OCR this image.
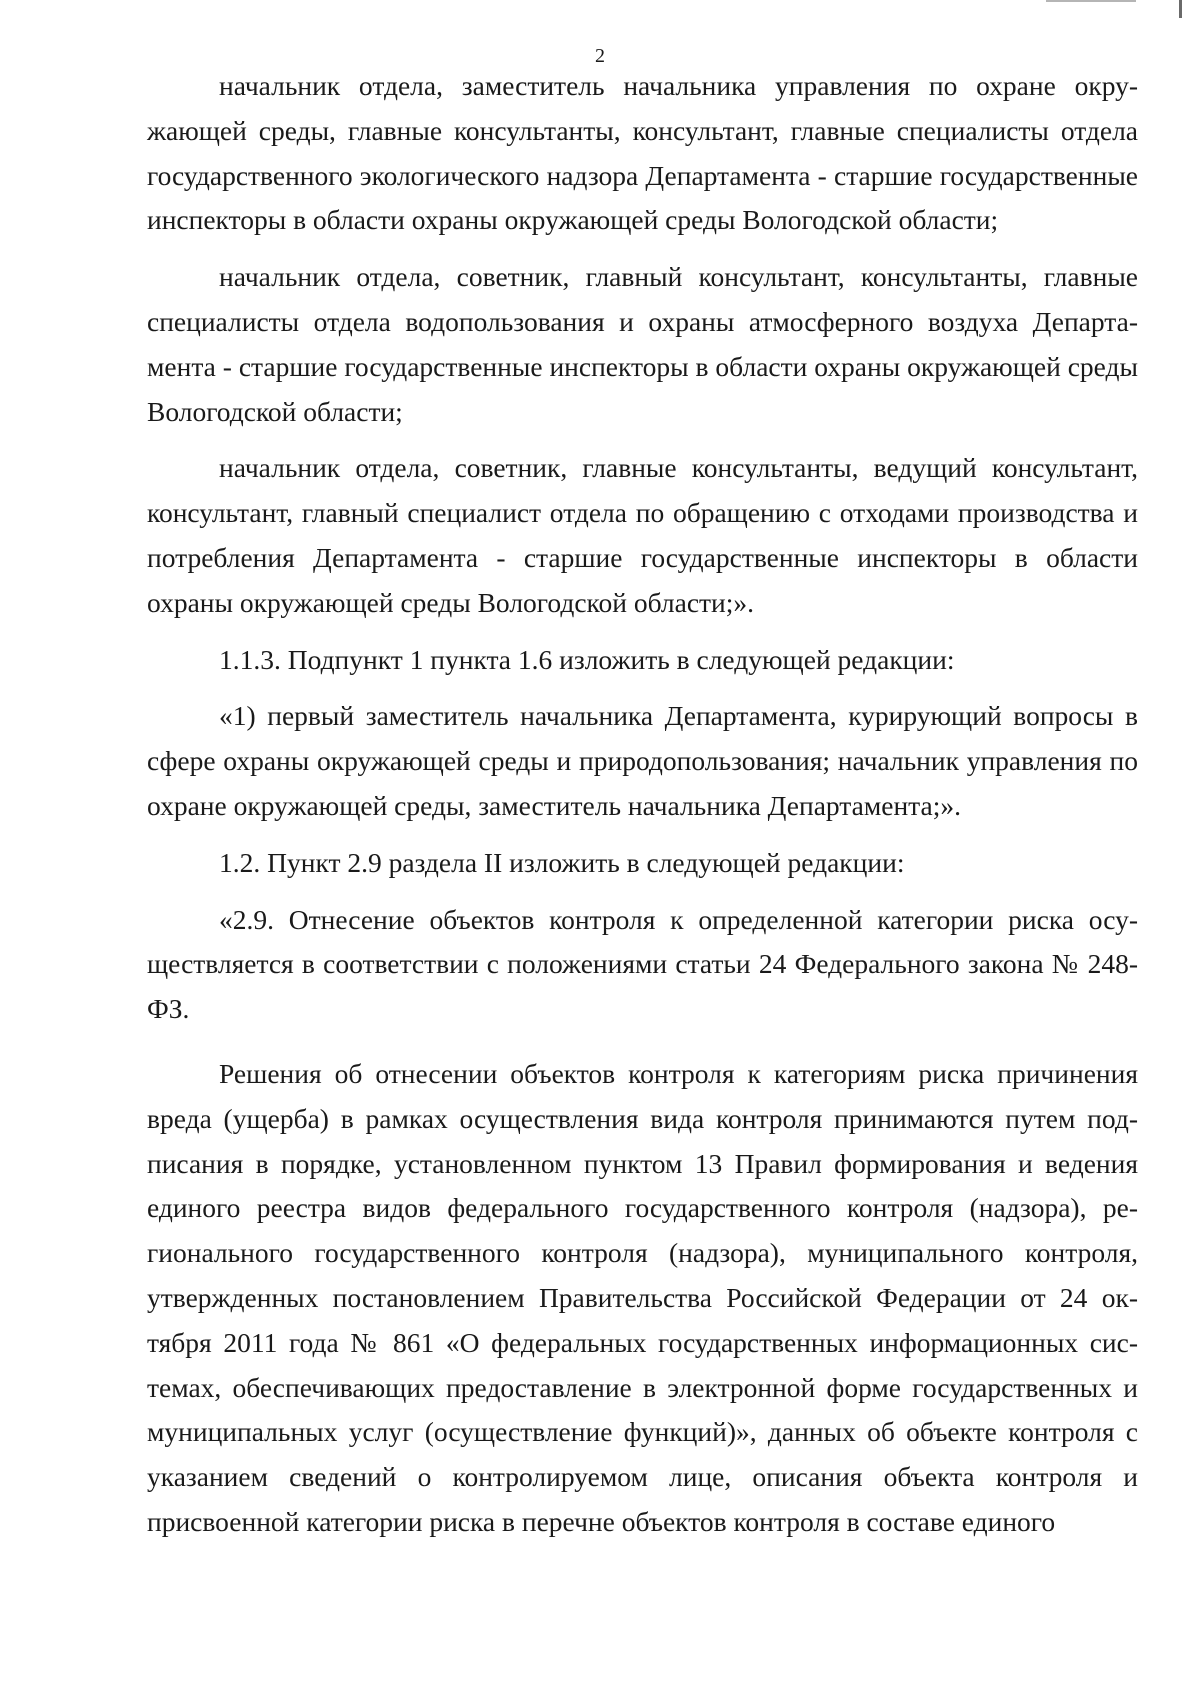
2

начальник отдела, заместитель начальника управления по охране окружающей среды, главные консультанты, консультант, главные специалисты отдела государственного экологического надзора Департамента - старшие государственные инспекторы в области охраны окружающей среды Вологодской области;

начальник отдела, советник, главный консультант, консультанты, главные специалисты отдела водопользования и охраны атмосферного воздуха Департамента - старшие государственные инспекторы в области охраны окружающей среды Вологодской области;

начальник отдела, советник, главные консультанты, ведущий консультант, консультант, главный специалист отдела по обращению с отходами производства и потребления Департамента - старшие государственные инспекторы в области охраны окружающей среды Вологодской области;».

1.1.3. Подпункт 1 пункта 1.6 изложить в следующей редакции:

«1) первый заместитель начальника Департамента, курирующий вопросы в сфере охраны окружающей среды и природопользования; начальник управления по охране окружающей среды, заместитель начальника Департамента;».

1.2. Пункт 2.9 раздела II изложить в следующей редакции:

«2.9. Отнесение объектов контроля к определенной категории риска осуществляется в соответствии с положениями статьи 24 Федерального закона № 248-ФЗ.

Решения об отнесении объектов контроля к категориям риска причинения вреда (ущерба) в рамках осуществления вида контроля принимаются путем подписания в порядке, установленном пунктом 13 Правил формирования и ведения единого реестра видов федерального государственного контроля (надзора), регионального государственного контроля (надзора), муниципального контроля, утвержденных постановлением Правительства Российской Федерации от 24 октября 2011 года № 861 «О федеральных государственных информационных системах, обеспечивающих предоставление в электронной форме государственных и муниципальных услуг (осуществление функций)», данных об объекте контроля с указанием сведений о контролируемом лице, описания объекта контроля и присвоенной категории риска в перечне объектов контроля в составе единого
